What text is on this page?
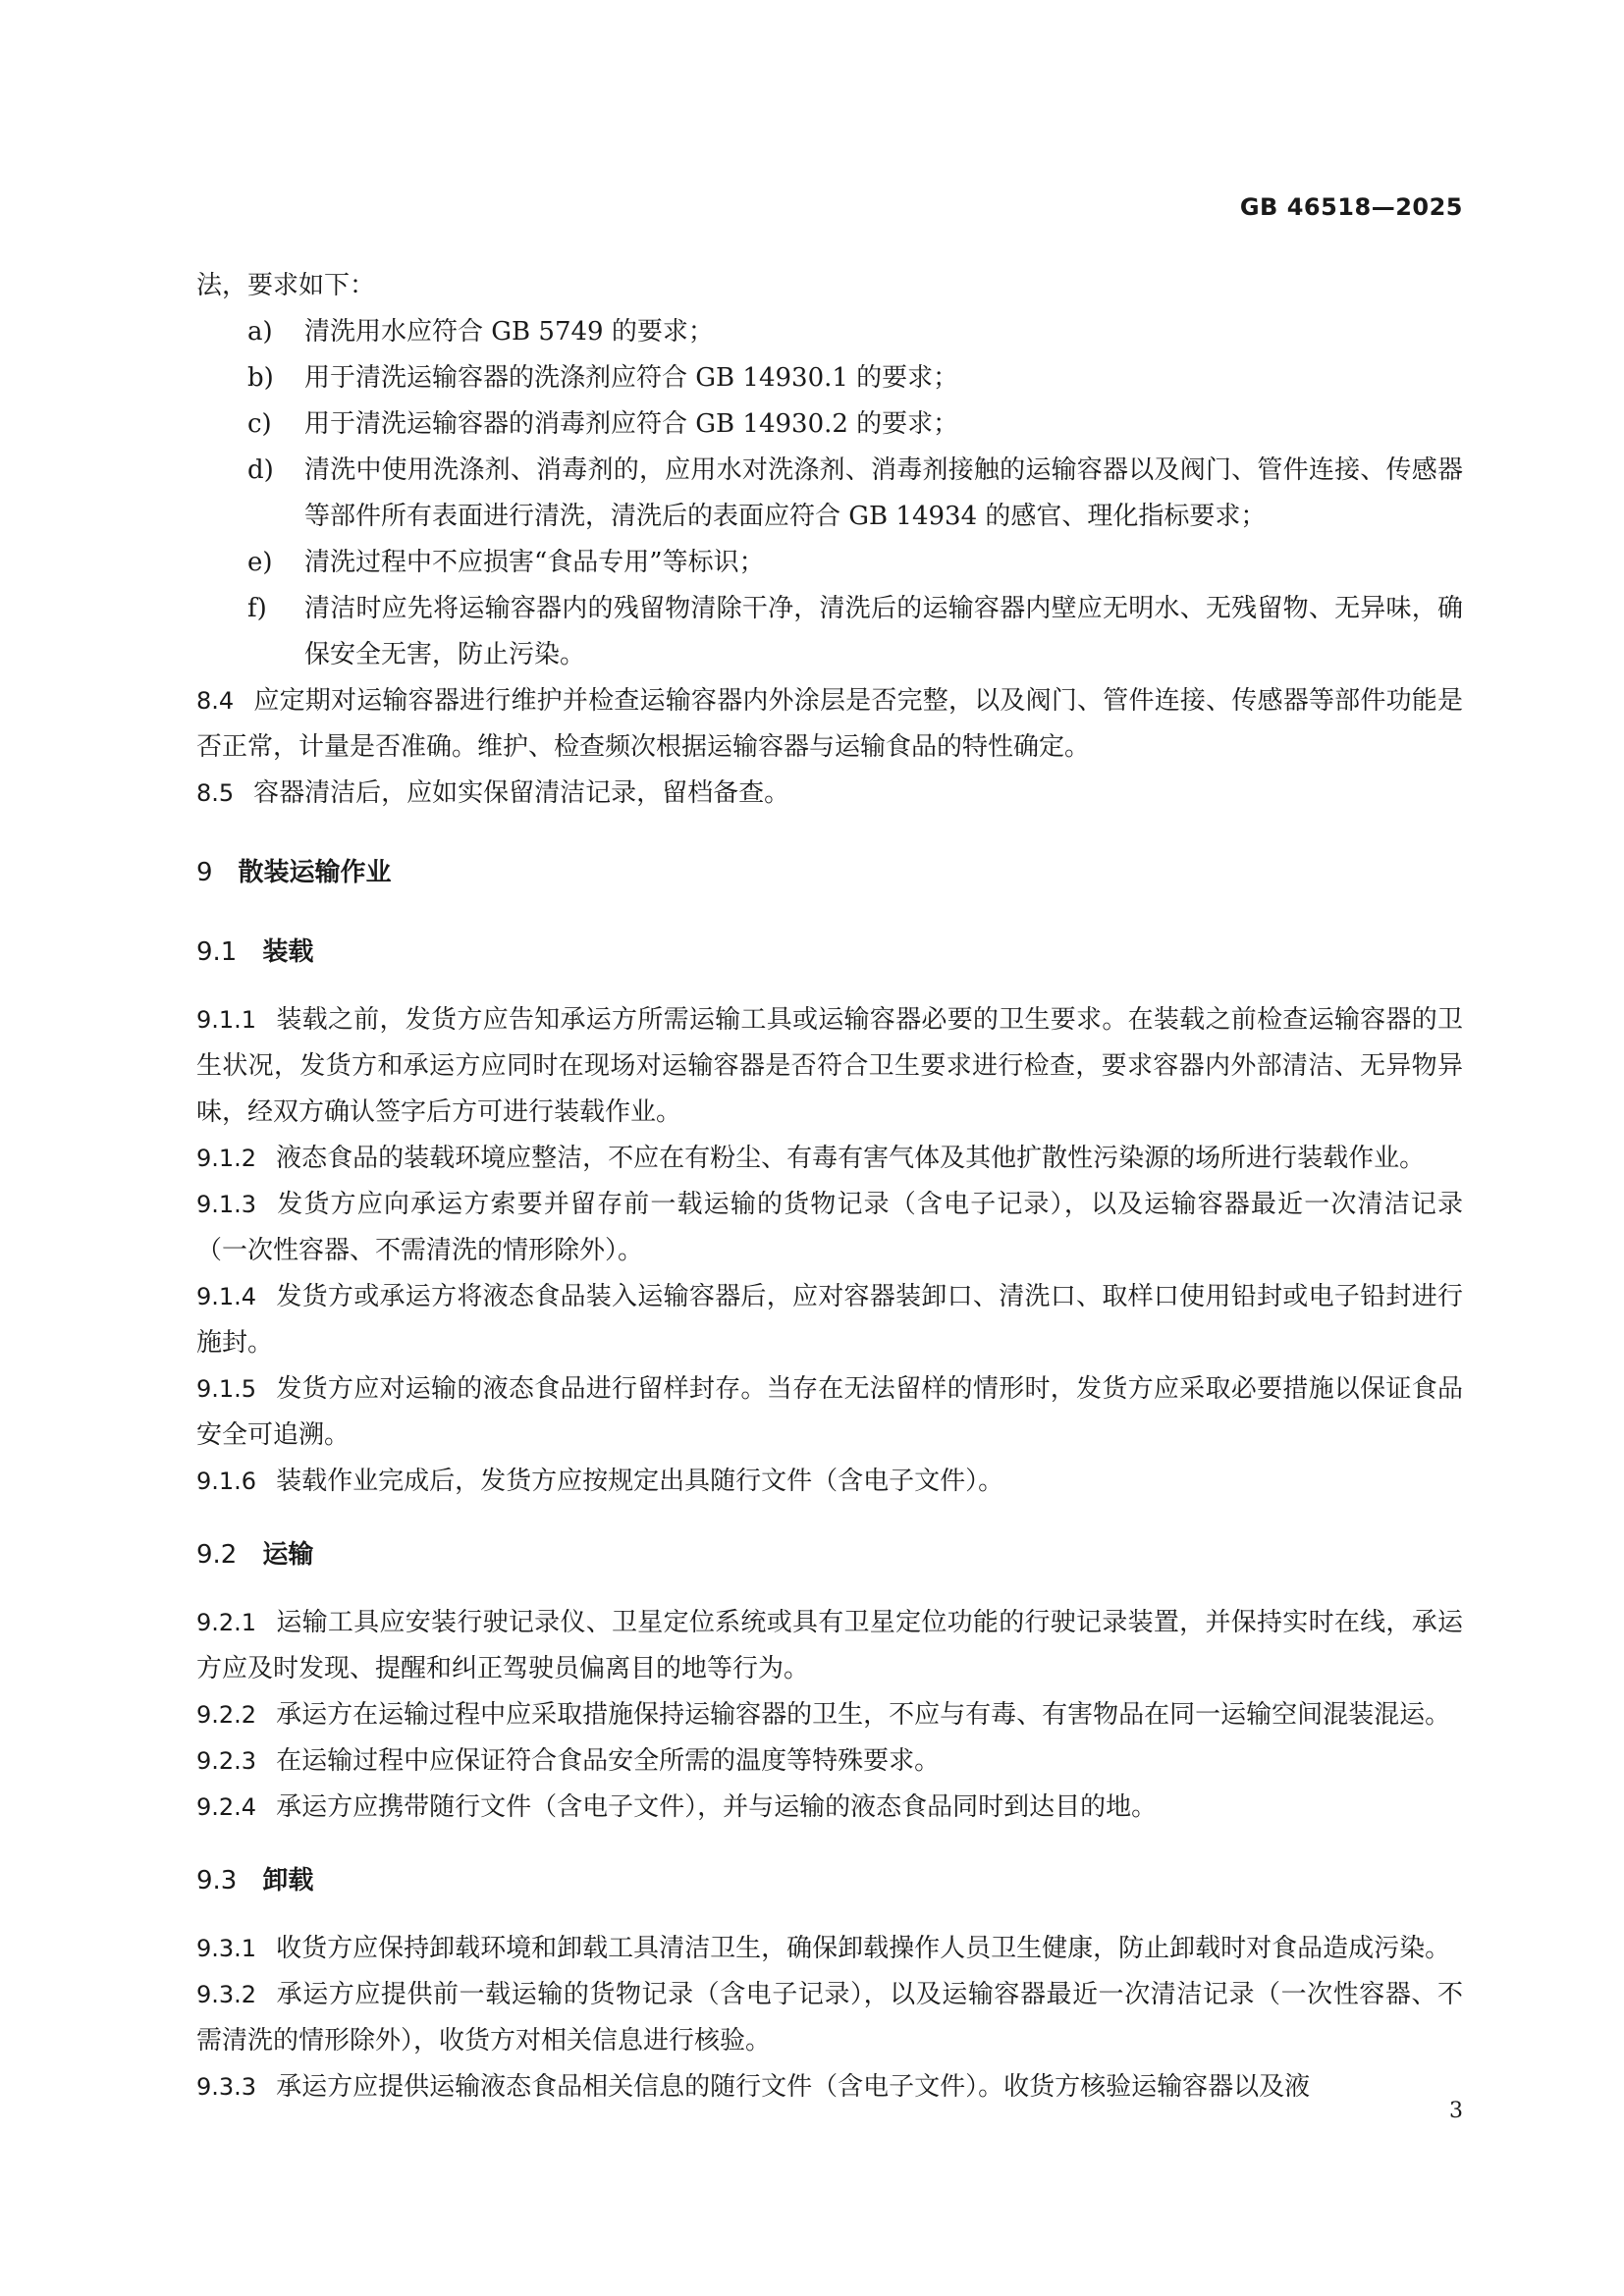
GB 46518—2025

法，要求如下：

a)	清洗用水应符合 GB 5749 的要求；
b)	用于清洗运输容器的洗涤剂应符合 GB 14930.1 的要求；
c)	用于清洗运输容器的消毒剂应符合 GB 14930.2 的要求；
d)	清洗中使用洗涤剂、消毒剂的，应用水对洗涤剂、消毒剂接触的运输容器以及阀门、管件连接、传感器等部件所有表面进行清洗，清洗后的表面应符合 GB 14934 的感官、理化指标要求；
e)	清洗过程中不应损害“食品专用”等标识；
f)	清洁时应先将运输容器内的残留物清除干净，清洗后的运输容器内壁应无明水、无残留物、无异味，确保安全无害，防止污染。

8.4 应定期对运输容器进行维护并检查运输容器内外涂层是否完整，以及阀门、管件连接、传感器等部件功能是否正常，计量是否准确。维护、检查频次根据运输容器与运输食品的特性确定。

8.5 容器清洁后，应如实保留清洁记录，留档备查。

9 散装运输作业
9.1 装载

9.1.1 装载之前，发货方应告知承运方所需运输工具或运输容器必要的卫生要求。在装载之前检查运输容器的卫生状况，发货方和承运方应同时在现场对运输容器是否符合卫生要求进行检查，要求容器内外部清洁、无异物异味，经双方确认签字后方可进行装载作业。

9.1.2 液态食品的装载环境应整洁，不应在有粉尘、有毒有害气体及其他扩散性污染源的场所进行装载作业。

9.1.3 发货方应向承运方索要并留存前一载运输的货物记录（含电子记录），以及运输容器最近一次清洁记录（一次性容器、不需清洗的情形除外）。

9.1.4 发货方或承运方将液态食品装入运输容器后，应对容器装卸口、清洗口、取样口使用铅封或电子铅封进行施封。

9.1.5 发货方应对运输的液态食品进行留样封存。当存在无法留样的情形时，发货方应采取必要措施以保证食品安全可追溯。

9.1.6 装载作业完成后，发货方应按规定出具随行文件（含电子文件）。

9.2 运输

9.2.1 运输工具应安装行驶记录仪、卫星定位系统或具有卫星定位功能的行驶记录装置，并保持实时在线，承运方应及时发现、提醒和纠正驾驶员偏离目的地等行为。

9.2.2 承运方在运输过程中应采取措施保持运输容器的卫生，不应与有毒、有害物品在同一运输空间混装混运。

9.2.3 在运输过程中应保证符合食品安全所需的温度等特殊要求。

9.2.4 承运方应携带随行文件（含电子文件），并与运输的液态食品同时到达目的地。

9.3 卸载

9.3.1 收货方应保持卸载环境和卸载工具清洁卫生，确保卸载操作人员卫生健康，防止卸载时对食品造成污染。

9.3.2 承运方应提供前一载运输的货物记录（含电子记录），以及运输容器最近一次清洁记录（一次性容器、不需清洗的情形除外），收货方对相关信息进行核验。

9.3.3 承运方应提供运输液态食品相关信息的随行文件（含电子文件）。收货方核验运输容器以及液

3
